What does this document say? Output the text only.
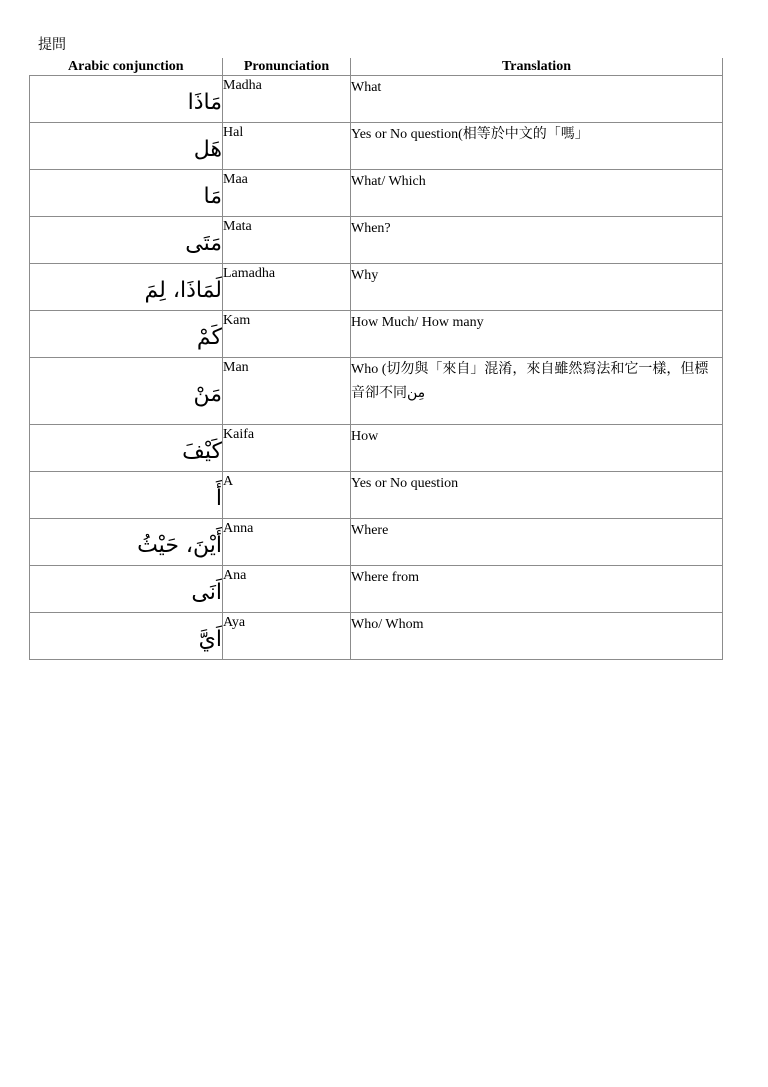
提問
Arabic conjunction	Pronunciation	Translation
مَاذَا	Madha	What
هَل	Hal	Yes or No question(相等於中文的「嗎」
مَا	Maa	What/ Which
مَتَى	Mata	When?
لَمَاذَا، لِمَ	Lamadha	Why
كَمْ	Kam	How Much/ How many
مَنْ	Man	Who (切勿與「來自」混淆，來自雖然寫法和它一樣，但標音卻不同مِن
كَيْفَ	Kaifa	How
أَ	A	Yes or No question
أَيْنَ، حَيْثُ	Anna	Where
اَنَى	Ana	Where from
اَيَّ	Aya	Who/ Whom
